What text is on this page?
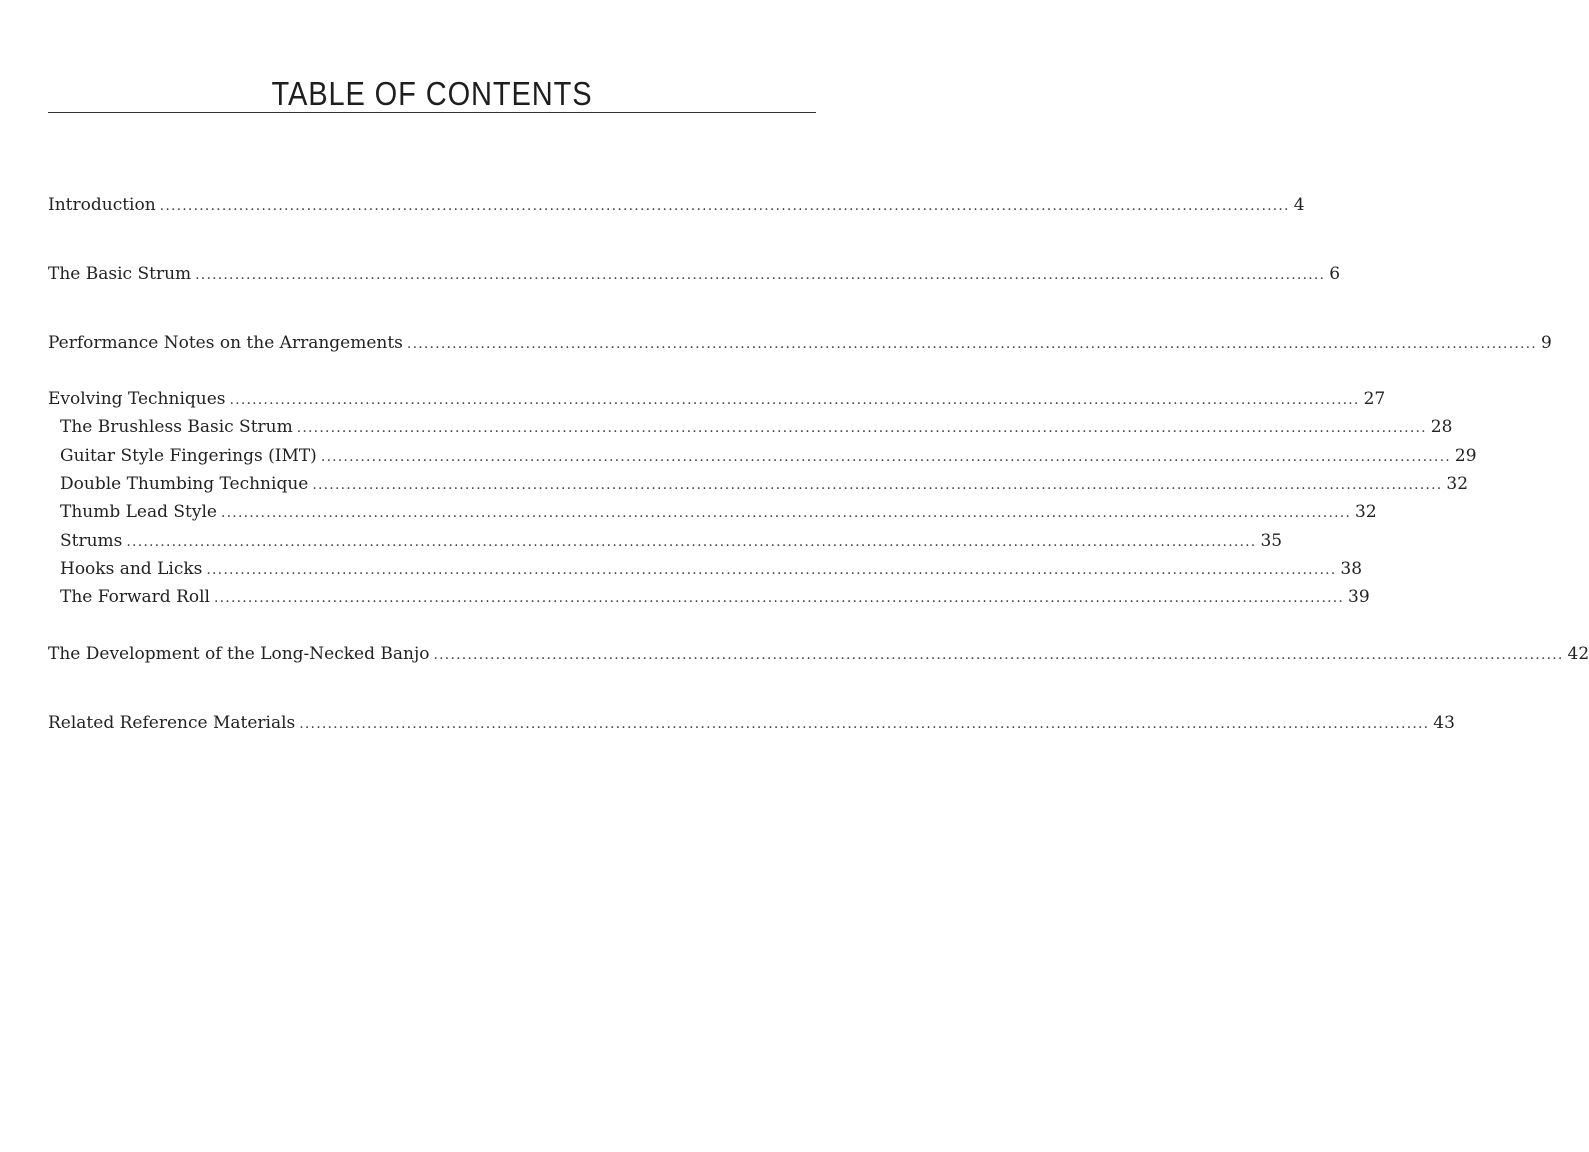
TABLE OF CONTENTS
Introduction ........................................................................................................................................................................................................ 4
The Basic Strum ........................................................................................................................................................................................................ 6
Performance Notes on the Arrangements ........................................................................................................................................................................................................ 9
Evolving Techniques ........................................................................................................................................................................................................ 27
The Brushless Basic Strum ........................................................................................................................................................................................................ 28
Guitar Style Fingerings (IMT) ........................................................................................................................................................................................................ 29
Double Thumbing Technique ........................................................................................................................................................................................................ 32
Thumb Lead Style ........................................................................................................................................................................................................ 32
Strums ........................................................................................................................................................................................................ 35
Hooks and Licks ........................................................................................................................................................................................................ 38
The Forward Roll ........................................................................................................................................................................................................ 39
The Development of the Long-Necked Banjo ........................................................................................................................................................................................................ 42
Related Reference Materials ........................................................................................................................................................................................................ 43
